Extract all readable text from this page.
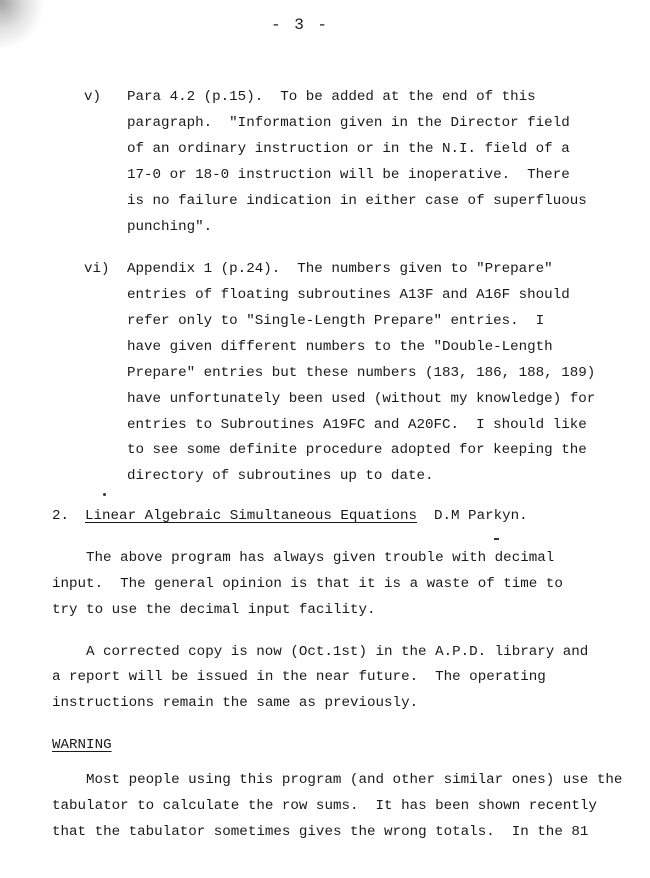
- 3 -
v) Para 4.2 (p.15).  To be added at the end of this
paragraph.  "Information given in the Director field
of an ordinary instruction or in the N.I. field of a
17-0 or 18-0 instruction will be inoperative.  There
is no failure indication in either case of superfluous
punching".
vi) Appendix 1 (p.24).  The numbers given to "Prepare"
entries of floating subroutines A13F and A16F should
refer only to "Single-Length Prepare" entries.  I
have given different numbers to the "Double-Length
Prepare" entries but these numbers (183, 186, 188, 189)
have unfortunately been used (without my knowledge) for
entries to Subroutines A19FC and A20FC.  I should like
to see some definite procedure adopted for keeping the
directory of subroutines up to date.
2. Linear Algebraic Simultaneous Equations D.M Parkyn.
The above program has always given trouble with decimal
input.  The general opinion is that it is a waste of time to
try to use the decimal input facility.
A corrected copy is now (Oct.1st) in the A.P.D. library and
a report will be issued in the near future.  The operating
instructions remain the same as previously.
WARNING
Most people using this program (and other similar ones) use the
tabulator to calculate the row sums.  It has been shown recently
that the tabulator sometimes gives the wrong totals.  In the 81
